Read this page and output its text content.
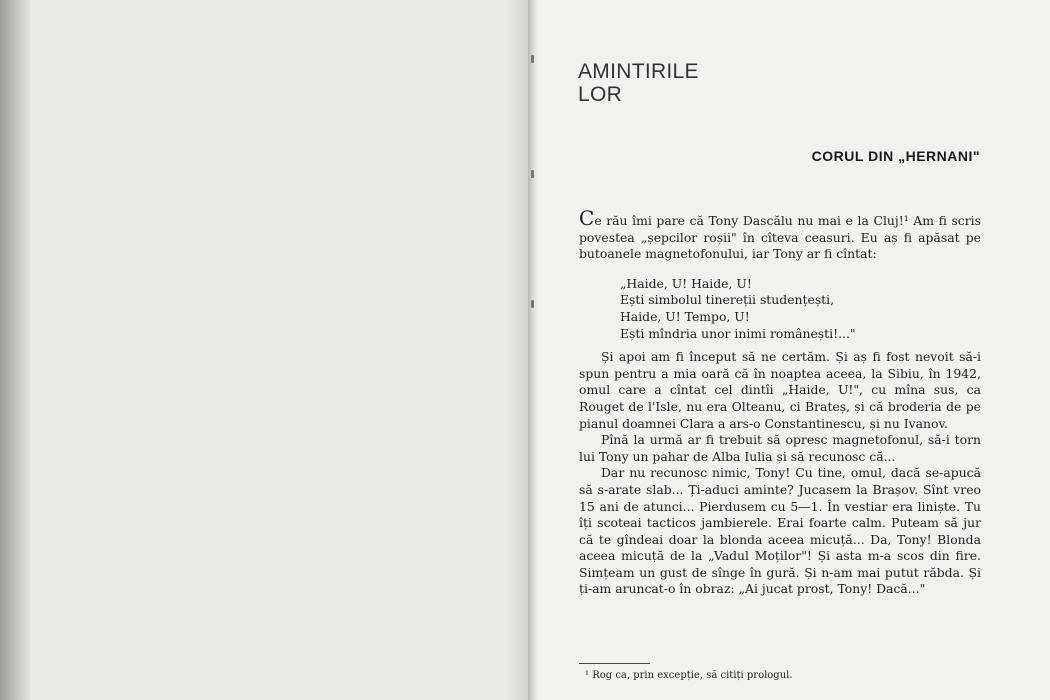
AMINTIRILE
LOR
CORUL DIN „HERNANI"

Ce rău îmi pare că Tony Dascălu nu mai e la Cluj!¹ Am fi scris povestea „șepcilor roșii" în cîteva ceasuri. Eu aș fi apăsat pe butoanele magnetofonului, iar Tony ar fi cîntat:

„Haide, U! Haide, U!
Ești simbolul tinereții studențești,
Haide, U! Tempo, U!
Ești mîndria unor inimi românești!..."

Și apoi am fi început să ne certăm. Și aș fi fost nevoit să-i spun pentru a mia oară că în noaptea aceea, la Sibiu, în 1942, omul care a cîntat cel dintîi „Haide, U!", cu mîna sus, ca Rouget de l'Isle, nu era Olteanu, ci Brateș, și că broderia de pe pianul doamnei Clara a ars-o Constantinescu, și nu Ivanov.

Pînă la urmă ar fi trebuit să opresc magnetofonul, să-i torn lui Tony un pahar de Alba Iulia și să recunosc că...

Dar nu recunosc nimic, Tony! Cu tine, omul, dacă se-apucă să s-arate slab... Ți-aduci aminte? Jucasem la Brașov. Sînt vreo 15 ani de atunci... Pierdusem cu 5—1. În vestiar era liniște. Tu îți scoteai tacticos jambierele. Erai foarte calm. Puteam să jur că te gîndeai doar la blonda aceea micuță... Da, Tony! Blonda aceea micuță de la „Vadul Moților"! Și asta m-a scos din fire. Simțeam un gust de sînge în gură. Și n-am mai putut răbda. Și ți-am aruncat-o în obraz: „Ai jucat prost, Tony! Dacă..."

¹ Rog ca, prin excepție, să citiți prologul.
